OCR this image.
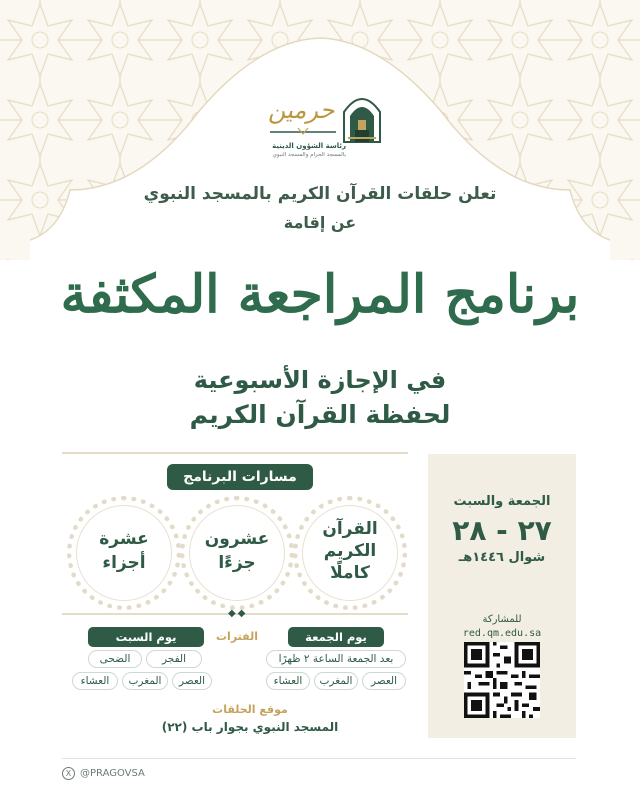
حرمين
رئاسة الشؤون الدينية
بالمسجد الحرام والمسجد النبوي
تعلن حلقات القرآن الكريم بالمسجد النبوي
عن إقامة
برنامج المراجعة المكثفة
في الإجازة الأسبوعية
لحفظة القرآن الكريم
مسارات البرنامج
القرآن
الكريم
كاملًا
عشرون
جزءًا
عشرة
أجزاء
◆◆
يوم الجمعة
الفترات
يوم السبت
بعد الجمعة الساعة ٢ ظهرًا
العصر
المغرب
العشاء
الفجر
الضحى
العصر
المغرب
العشاء
موقع الحلقات
المسجد النبوي بجوار باب (٢٢)
الجمعة والسبت
٢٧ - ٢٨
شوال ١٤٤٦هـ
للمشاركة
red.qm.edu.sa
X @PRAGOVSA
